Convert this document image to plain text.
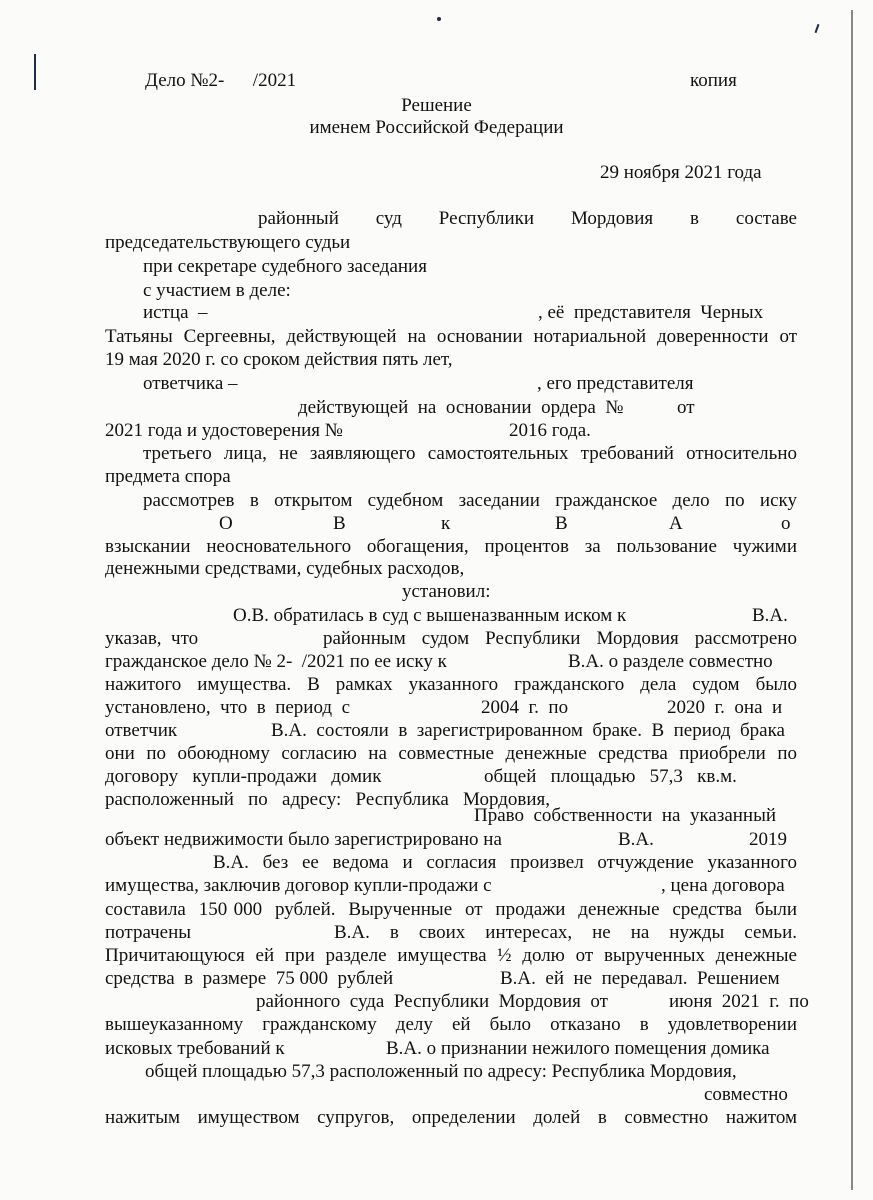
Дело №2-      /2021	копия
Решение
именем Российской Федерации
29 ноября 2021 года
районный    суд    Республики    Мордовия    в    составе
председательствующего судьи
при секретаре судебного заседания
с участием в деле:
истца  –	, её  представителя  Черных
Татьяны Сергеевны, действующей на основании нотариальной доверенности от
19 мая 2020 г. со сроком действия пять лет,
ответчика –	, его представителя
действующей  на  основании  ордера  №	от
2021 года и удостоверения №	2016 года.
третьего лица, не заявляющего самостоятельных требований относительно
предмета спора
рассмотрев  в  открытом  судебном  заседании  гражданское  дело  по  иску
О	В	к	В	А	о
взыскании  неосновательного  обогащения,  процентов  за  пользование  чужими
денежными средствами, судебных расходов,
установил:
О.В. обратилась в суд с вышеназванным иском к	В.А.
указав,  что	районным  судом  Республики  Мордовия  рассмотрено
гражданское дело № 2-  /2021 по ее иску к	В.А. о разделе совместно
нажитого  имущества.  В  рамках  указанного  гражданского  дела  судом  было
установлено,  что  в  период  с	2004  г.  по	2020  г.  она  и
ответчик	В.А.  состояли  в  зарегистрированном  браке.  В  период  брака
они по обоюдному согласию на совместные денежные средства приобрели по
договору   купли-продажи   домик	общей   площадью   57,3   кв.м.
расположенный   по   адресу:   Республика   Мордовия,
Право  собственности  на  указанный
объект недвижимости было зарегистрировано на	В.А.	2019
В.А.  без  ее  ведома  и  согласия  произвел  отчуждение  указанного
имущества, заключив договор купли-продажи с	, цена договора
составила  150 000  рублей.  Вырученные  от  продажи  денежные  средства  были
потрачены	В.А.   в   своих   интересах,   не   на   нужды   семьи.
Причитающуюся ей при разделе имущества ½ долю от вырученных денежные
средства  в  размере  75 000  рублей	В.А.  ей  не  передавал.  Решением
районного  суда  Республики  Мордовия  от	июня  2021  г.  по
вышеуказанному  гражданскому  делу  ей  было  отказано  в  удовлетворении
исковых требований к	В.А. о признании нежилого помещения домика
общей площадью 57,3 расположенный по адресу: Республика Мордовия,
совместно
нажитым   имуществом   супругов,   определении   долей   в   совместно   нажитом
